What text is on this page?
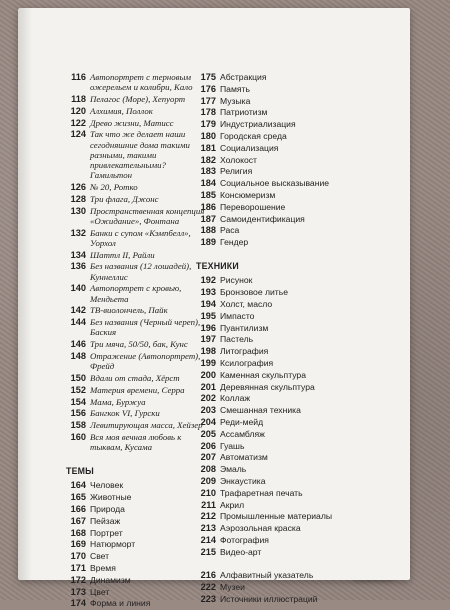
116 Автопортрет с терновым ожерельем и колибри, Кало
118 Пелагос (Море), Хепуорт
120 Алхимия, Поллок
122 Древо жизни, Матисс
124 Так что же делает наши сегодняшние дома такими разными, такими привлекательными? Гамильтон
126 № 20, Ротко
128 Три флага, Джонс
130 Пространственная концепция «Ожидание», Фонтана
132 Банки с супом «Кэмпбелл», Уорхол
134 Шаттл II, Райли
136 Без названия (12 лошадей), Куннеллис
140 Автопортрет с кровью, Мендьета
142 TB-виолончель, Пайк
144 Без названия (Черный череп), Баския
146 Три мяча, 50/50, бак, Кунс
148 Отражение (Автопортрет), Фрейд
150 Вдали от стада, Хёрст
152 Материя времени, Серра
154 Мама, Буржуа
156 Бангкок VI, Гурски
158 Левитирующая масса, Хейзер
160 Вся моя вечная любовь к тыквам, Кусама
ТЕМЫ
164 Человек
165 Животные
166 Природа
167 Пейзаж
168 Портрет
169 Натюрморт
170 Свет
171 Время
172 Динамизм
173 Цвет
174 Форма и линия
175 Абстракция
176 Память
177 Музыка
178 Патриотизм
179 Индустриализация
180 Городская среда
181 Социализация
182 Холокост
183 Религия
184 Социальное высказывание
185 Консюмеризм
186 Переворошение
187 Самоидентификация
188 Раса
189 Гендер
ТЕХНИКИ
192 Рисунок
193 Бронзовое литье
194 Холст, масло
195 Импасто
196 Пуантилизм
197 Пастель
198 Литография
199 Ксилография
200 Каменная скульптура
201 Деревянная скульптура
202 Коллаж
203 Смешанная техника
204 Реди-мейд
205 Ассамбляж
206 Гуашь
207 Автоматизм
208 Эмаль
209 Энкаустика
210 Трафаретная печать
211 Акрил
212 Промышленные материалы
213 Аэрозольная краска
214 Фотография
215 Видео-арт
216 Алфавитный указатель
222 Музеи
223 Источники иллюстраций
